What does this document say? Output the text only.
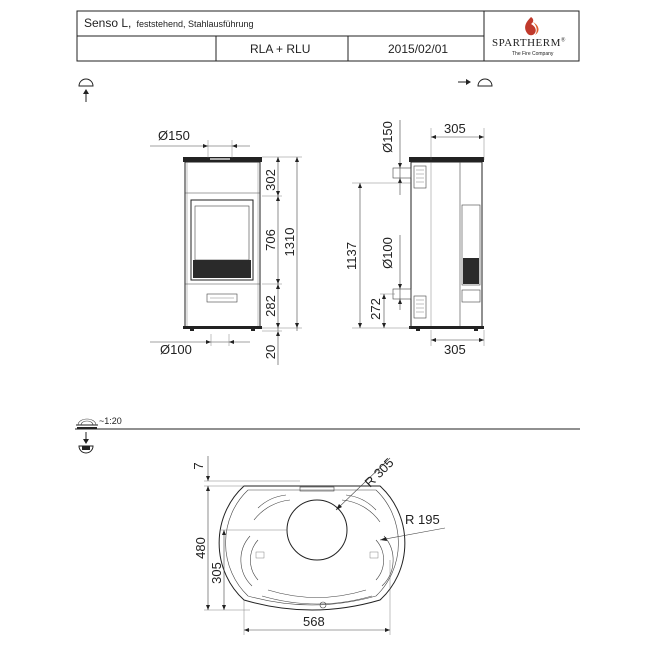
Ø150
Ø100
302
706
282
1310
20
Ø150
Ø100
1137
272
305
305
~1:20
7
480
305
568
R 305
R 195
Senso L, feststehend, Stahlausführung
RLA + RLU	2015/02/01	SPARTHERM®
The Fire Company
